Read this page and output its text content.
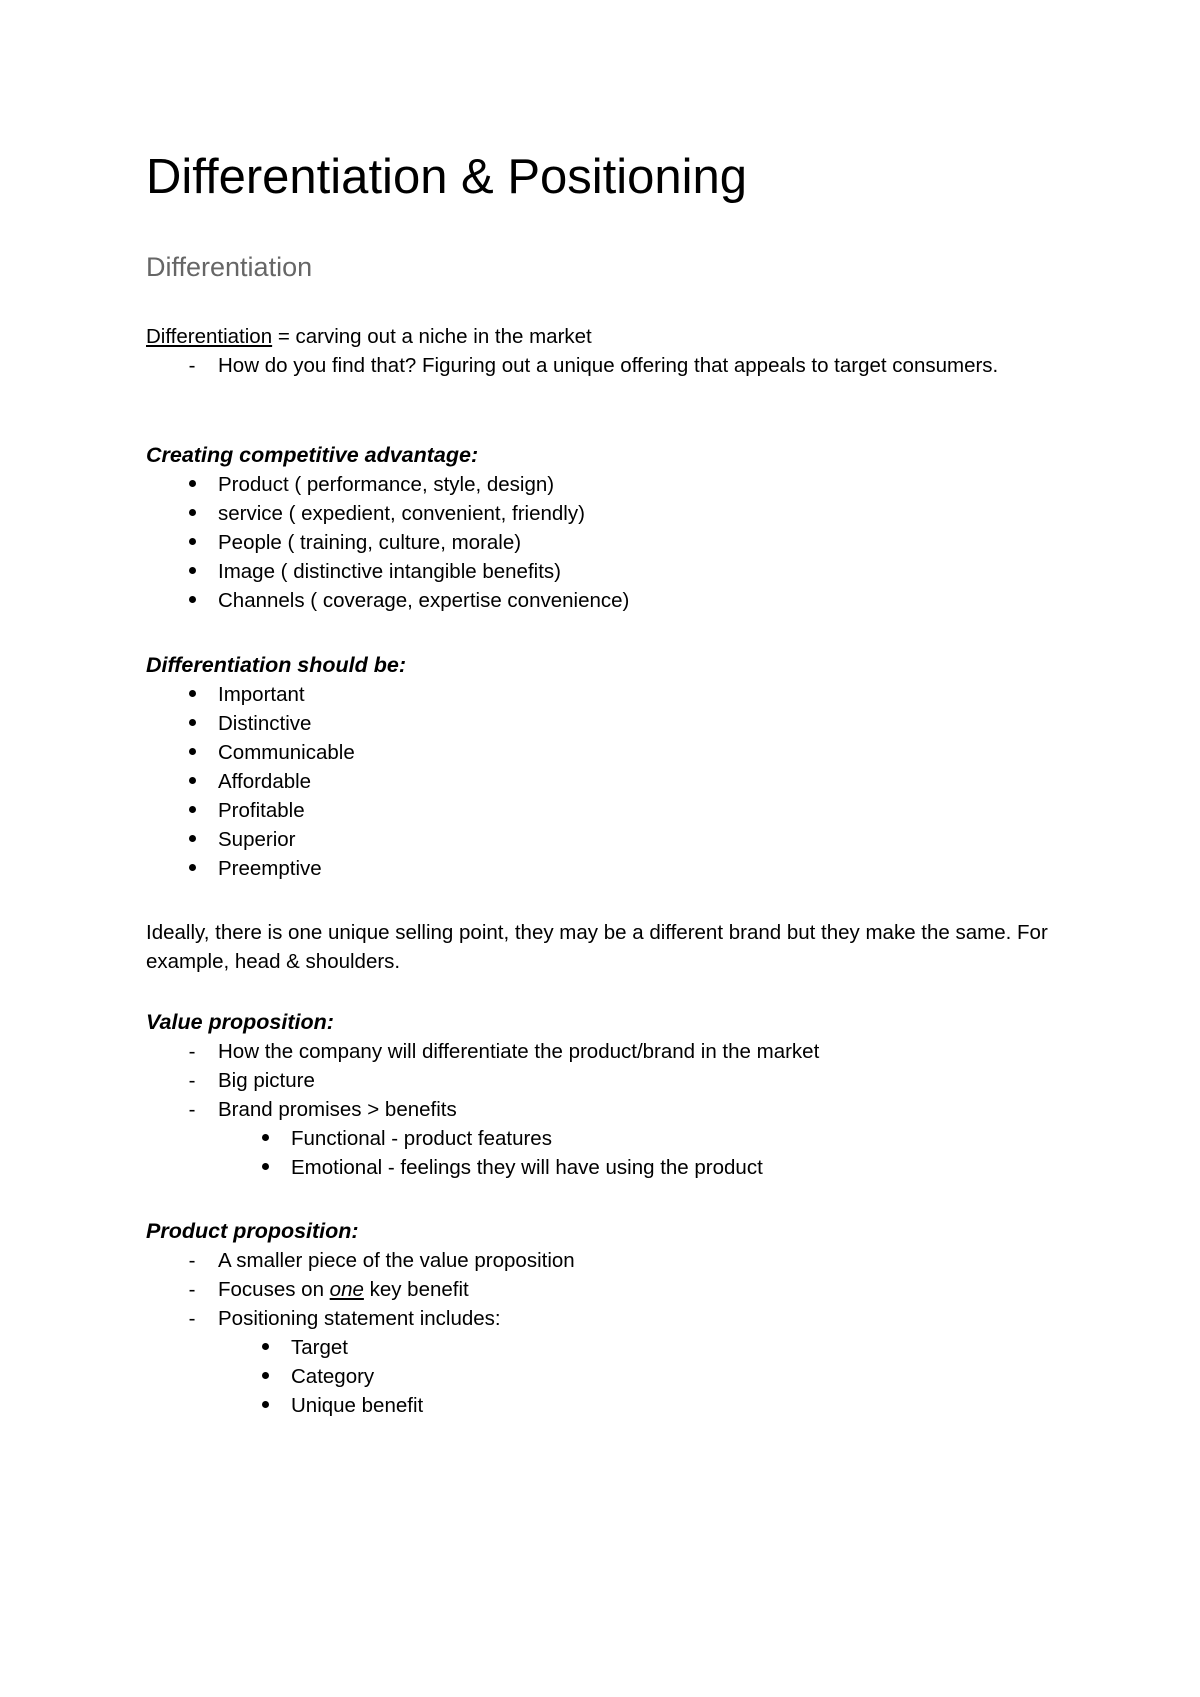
Differentiation & Positioning
Differentiation
Differentiation = carving out a niche in the market
-	How do you find that? Figuring out a unique offering that appeals to target consumers.
Creating competitive advantage:
Product ( performance, style, design)
service ( expedient, convenient, friendly)
People ( training, culture, morale)
Image ( distinctive intangible benefits)
Channels ( coverage, expertise convenience)
Differentiation should be:
Important
Distinctive
Communicable
Affordable
Profitable
Superior
Preemptive
Ideally, there is one unique selling point, they may be a different brand but they make the same. For example, head & shoulders.
Value proposition:
-	How the company will differentiate the product/brand in the market
-	Big picture
-	Brand promises > benefits
Functional - product features
Emotional - feelings they will have using the product
Product proposition:
-	A smaller piece of the value proposition
-	Focuses on one key benefit
-	Positioning statement includes:
Target
Category
Unique benefit
